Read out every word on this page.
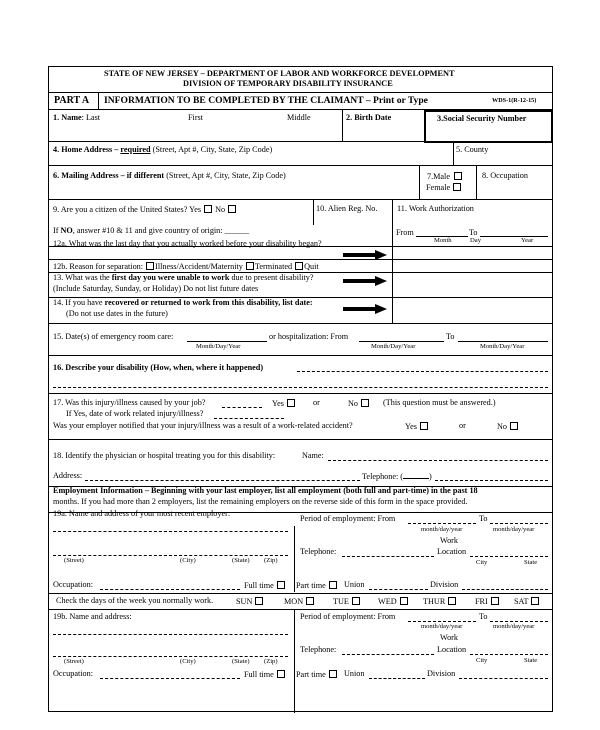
STATE OF NEW JERSEY – DEPARTMENT OF LABOR AND WORKFORCE DEVELOPMENT
DIVISION OF TEMPORARY DISABILITY INSURANCE
PART A INFORMATION TO BE COMPLETED BY THE CLAIMANT – Print or Type	WDS-1(R-12-15)
1. Name: Last	First	Middle	2. Birth Date	3.Social Security Number
4. Home Address – required (Street, Apt #, City, State, Zip Code)	5. County
6. Mailing Address – if different (Street, Apt #, City, State, Zip Code)	7.Male
Female
8. Occupation
9. Are you a citizen of the United States? Yes No
If NO, answer #10 & 11 and give country of origin: ______
10. Alien Reg. No. 11. Work Authorization
From	To
Month	Day	Year
12a. What was the last day that you actually worked before your disability began?
12b. Reason for separation: Illness/Accident/Maternity Terminated Quit
13. What was the first day you were unable to work due to present disability?
(Include Saturday, Sunday, or Holiday) Do not list future dates
14. If you have recovered or returned to work from this disability, list date:
(Do not use dates in the future)
15. Date(s) of emergency room care:	or hospitalization: From	To
Month/Day/Year	Month/Day/Year	Month/Day/Year
16. Describe your disability (How, when, where it happened)
17. Was this injury/illness caused by your job?	Yes	or	No	(This question must be answered.)
If Yes, date of work related injury/illness?
Was your employer notified that your injury/illness was a result of a work-related accident?	Yes	or	No
18. Identify the physician or hospital treating you for this disability:	Name:
Address:	Telephone: (	)
Employment Information – Beginning with your last employer, list all employment (both full and part-time) in the past 18
months. If you had more than 2 employers, list the remaining employers on the reverse side of this form in the space provided.
19a. Name and address of your most recent employer:
(Street)	(City)	(State) (Zip)
Period of employment: From	To
month/day/year	month/day/year
Work
Telephone:	Location
City	State
Occupation:	Full time	Part time	Union	Division
Check the days of the week you normally work.	SUN	MON	TUE	WED	THUR	FRI	SAT
19b. Name and address:
(Street)	(City)	(State) (Zip)
Period of employment: From	To
month/day/year	month/day/year
Work
Telephone:	Location
City	State
Occupation:	Full time	Part time	Union	Division
